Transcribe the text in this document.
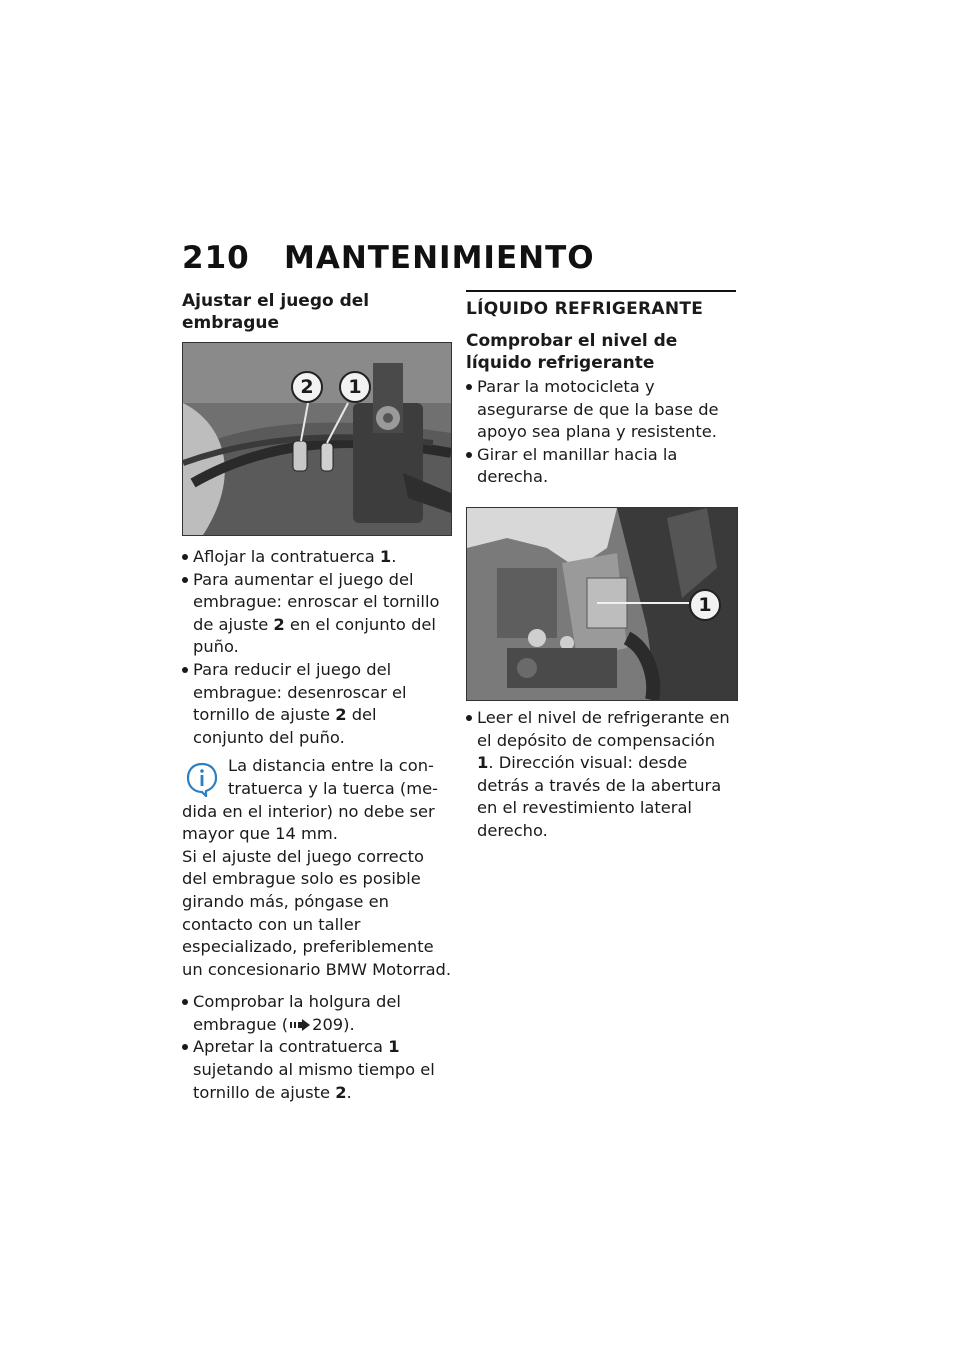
210 MANTENIMIENTO
Ajustar el juego del embrague
2	1
Aflojar la contratuerca 1.
Para aumentar el juego del embrague: enroscar el tornillo de ajuste 2 en el conjunto del puño.
Para reducir el juego del embrague: desenroscar el tornillo de ajuste 2 del conjunto del puño.
La distancia entre la con-
tratuerca y la tuerca (me-
dida en el interior) no debe ser mayor que 14 mm.
Si el ajuste del juego correcto del embrague solo es posible girando más, póngase en contacto con un taller especializado, preferiblemente un concesionario BMW Motorrad.
Comprobar la holgura del embrague ( 209).
Apretar la contratuerca 1 sujetando al mismo tiempo el tornillo de ajuste 2.
LÍQUIDO REFRIGERANTE
Comprobar el nivel de líquido refrigerante
Parar la motocicleta y asegurarse de que la base de apoyo sea plana y resistente.
Girar el manillar hacia la derecha.
1
Leer el nivel de refrigerante en el depósito de compensación 1. Dirección visual: desde detrás a través de la abertura en el revestimiento lateral derecho.
